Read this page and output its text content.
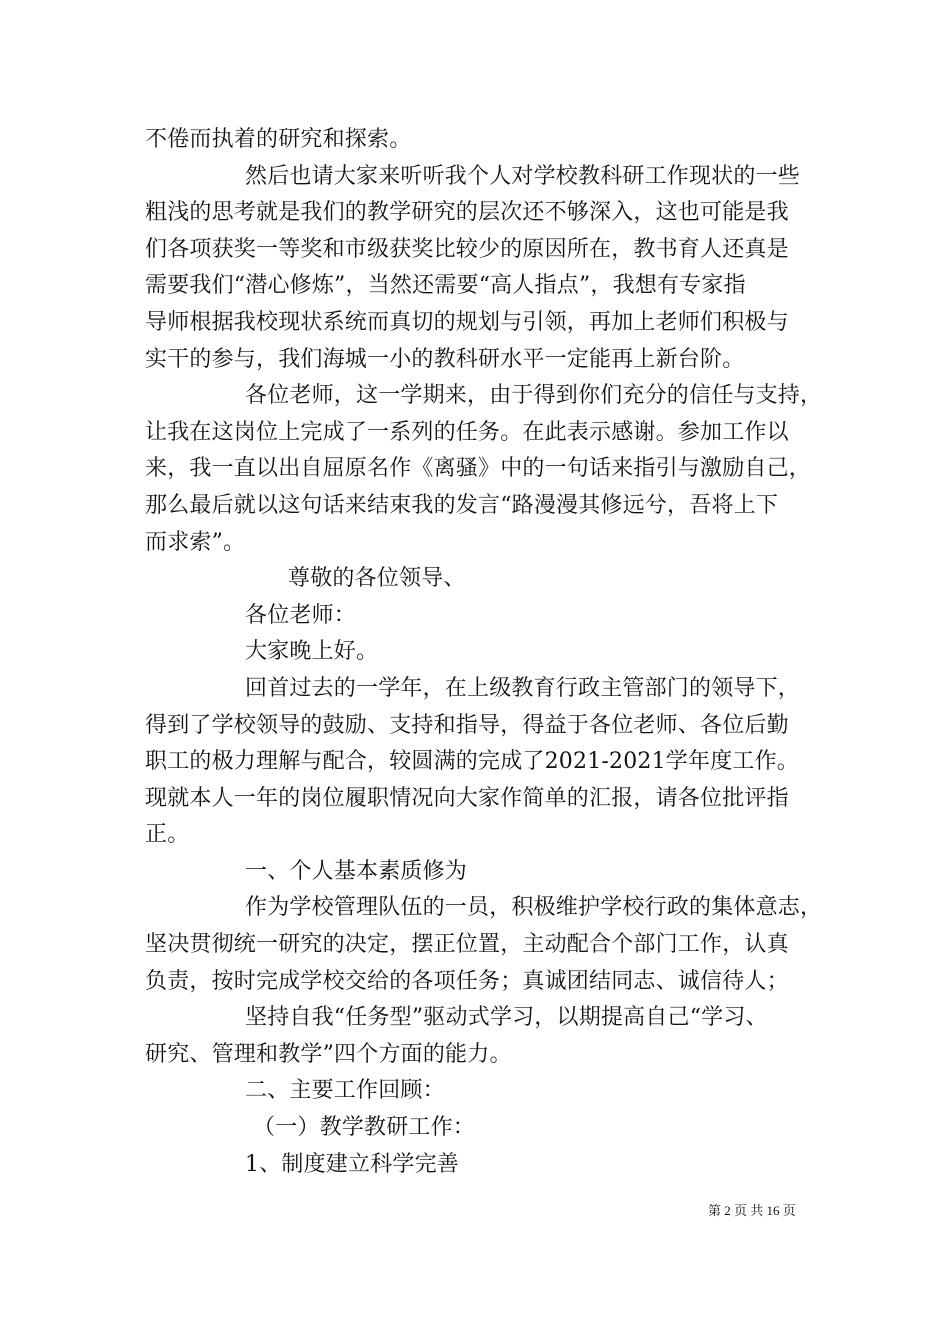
不倦而执着的研究和探索。
然后也请大家来听听我个人对学校教科研工作现状的一些
粗浅的思考就是我们的教学研究的层次还不够深入，这也可能是我
们各项获奖一等奖和市级获奖比较少的原因所在，教书育人还真是
需要我们“潜心修炼”，当然还需要“高人指点”，我想有专家指
导师根据我校现状系统而真切的规划与引领，再加上老师们积极与
实干的参与，我们海城一小的教科研水平一定能再上新台阶。
各位老师，这一学期来，由于得到你们充分的信任与支持，
让我在这岗位上完成了一系列的任务。在此表示感谢。参加工作以
来，我一直以出自屈原名作《离骚》中的一句话来指引与激励自己，
那么最后就以这句话来结束我的发言“路漫漫其修远兮，吾将上下
而求索”。
尊敬的各位领导、
各位老师：
大家晚上好。
回首过去的一学年，在上级教育行政主管部门的领导下，
得到了学校领导的鼓励、支持和指导，得益于各位老师、各位后勤
职工的极力理解与配合，较圆满的完成了2021-2021学年度工作。
现就本人一年的岗位履职情况向大家作简单的汇报，请各位批评指
正。
一、个人基本素质修为
作为学校管理队伍的一员，积极维护学校行政的集体意志，
坚决贯彻统一研究的决定，摆正位置，主动配合个部门工作，认真
负责，按时完成学校交给的各项任务；真诚团结同志、诚信待人；
坚持自我“任务型”驱动式学习，以期提高自己“学习、
研究、管理和教学”四个方面的能力。
二、主要工作回顾：
（一）教学教研工作：
1、制度建立科学完善
第 2 页 共 16 页
